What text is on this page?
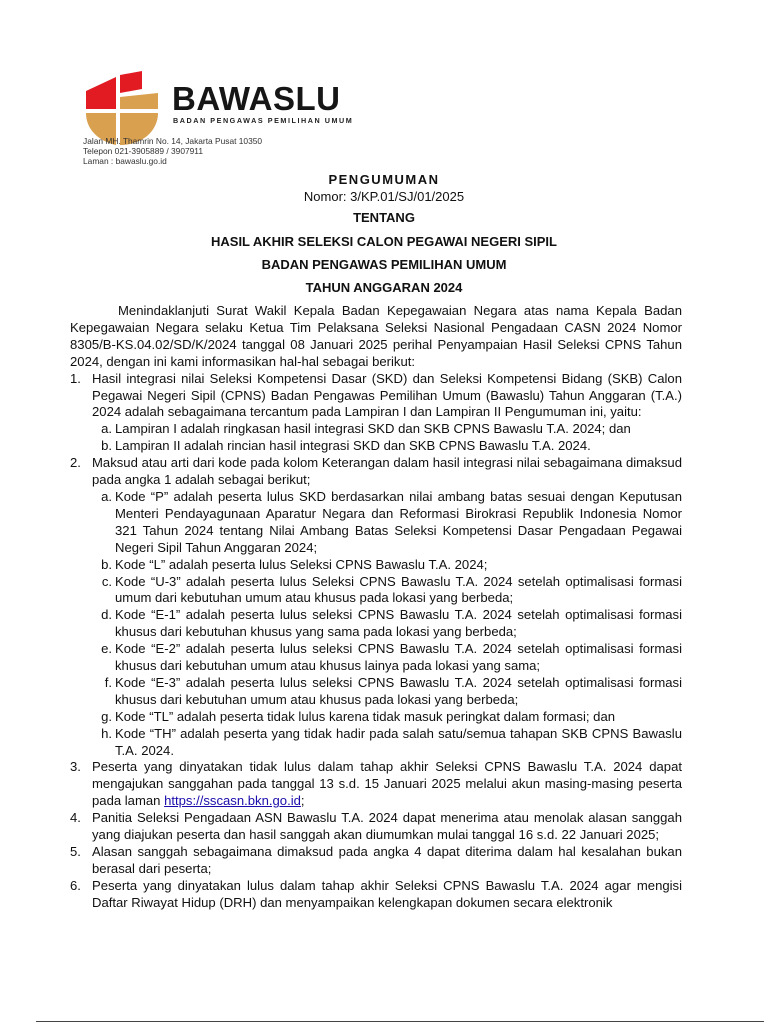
BAWASLU
BADAN PENGAWAS PEMILIHAN UMUM
Jalan MH. Thamrin No. 14, Jakarta Pusat 10350
Telepon 021-3905889 / 3907911
Laman : bawaslu.go.id
PENGUMUMAN
Nomor: 3/KP.01/SJ/01/2025
TENTANG
HASIL AKHIR SELEKSI CALON PEGAWAI NEGERI SIPIL
BADAN PENGAWAS PEMILIHAN UMUM
TAHUN ANGGARAN 2024

Menindaklanjuti Surat Wakil Kepala Badan Kepegawaian Negara atas nama Kepala Badan Kepegawaian Negara selaku Ketua Tim Pelaksana Seleksi Nasional Pengadaan CASN 2024 Nomor 8305/B-KS.04.02/SD/K/2024 tanggal 08 Januari 2025 perihal Penyampaian Hasil Seleksi CPNS Tahun 2024, dengan ini kami informasikan hal-hal sebagai berikut:

1. Hasil integrasi nilai Seleksi Kompetensi Dasar (SKD) dan Seleksi Kompetensi Bidang (SKB) Calon Pegawai Negeri Sipil (CPNS) Badan Pengawas Pemilihan Umum (Bawaslu) Tahun Anggaran (T.A.) 2024 adalah sebagaimana tercantum pada Lampiran I dan Lampiran II Pengumuman ini, yaitu:
a. Lampiran I adalah ringkasan hasil integrasi SKD dan SKB CPNS Bawaslu T.A. 2024; dan
b. Lampiran II adalah rincian hasil integrasi SKD dan SKB CPNS Bawaslu T.A. 2024.
2. Maksud atau arti dari kode pada kolom Keterangan dalam hasil integrasi nilai sebagaimana dimaksud pada angka 1 adalah sebagai berikut;
a. Kode “P” adalah peserta lulus SKD berdasarkan nilai ambang batas sesuai dengan Keputusan Menteri Pendayagunaan Aparatur Negara dan Reformasi Birokrasi Republik Indonesia Nomor 321 Tahun 2024 tentang Nilai Ambang Batas Seleksi Kompetensi Dasar Pengadaan Pegawai Negeri Sipil Tahun Anggaran 2024;
b. Kode “L” adalah peserta lulus Seleksi CPNS Bawaslu T.A. 2024;
c. Kode “U-3” adalah peserta lulus Seleksi CPNS Bawaslu T.A. 2024 setelah optimalisasi formasi umum dari kebutuhan umum atau khusus pada lokasi yang berbeda;
d. Kode “E-1” adalah peserta lulus seleksi CPNS Bawaslu T.A. 2024 setelah optimalisasi formasi khusus dari kebutuhan khusus yang sama pada lokasi yang berbeda;
e. Kode “E-2” adalah peserta lulus seleksi CPNS Bawaslu T.A. 2024 setelah optimalisasi formasi khusus dari kebutuhan umum atau khusus lainya pada lokasi yang sama;
f. Kode “E-3” adalah peserta lulus seleksi CPNS Bawaslu T.A. 2024 setelah optimalisasi formasi khusus dari kebutuhan umum atau khusus pada lokasi yang berbeda;
g. Kode “TL” adalah peserta tidak lulus karena tidak masuk peringkat dalam formasi; dan
h. Kode “TH” adalah peserta yang tidak hadir pada salah satu/semua tahapan SKB CPNS Bawaslu T.A. 2024.
3. Peserta yang dinyatakan tidak lulus dalam tahap akhir Seleksi CPNS Bawaslu T.A. 2024 dapat mengajukan sanggahan pada tanggal 13 s.d. 15 Januari 2025 melalui akun masing-masing peserta pada laman https://sscasn.bkn.go.id;
4. Panitia Seleksi Pengadaan ASN Bawaslu T.A. 2024 dapat menerima atau menolak alasan sanggah yang diajukan peserta dan hasil sanggah akan diumumkan mulai tanggal 16 s.d. 22 Januari 2025;
5. Alasan sanggah sebagaimana dimaksud pada angka 4 dapat diterima dalam hal kesalahan bukan berasal dari peserta;
6. Peserta yang dinyatakan lulus dalam tahap akhir Seleksi CPNS Bawaslu T.A. 2024 agar mengisi Daftar Riwayat Hidup (DRH) dan menyampaikan kelengkapan dokumen secara elektronik
